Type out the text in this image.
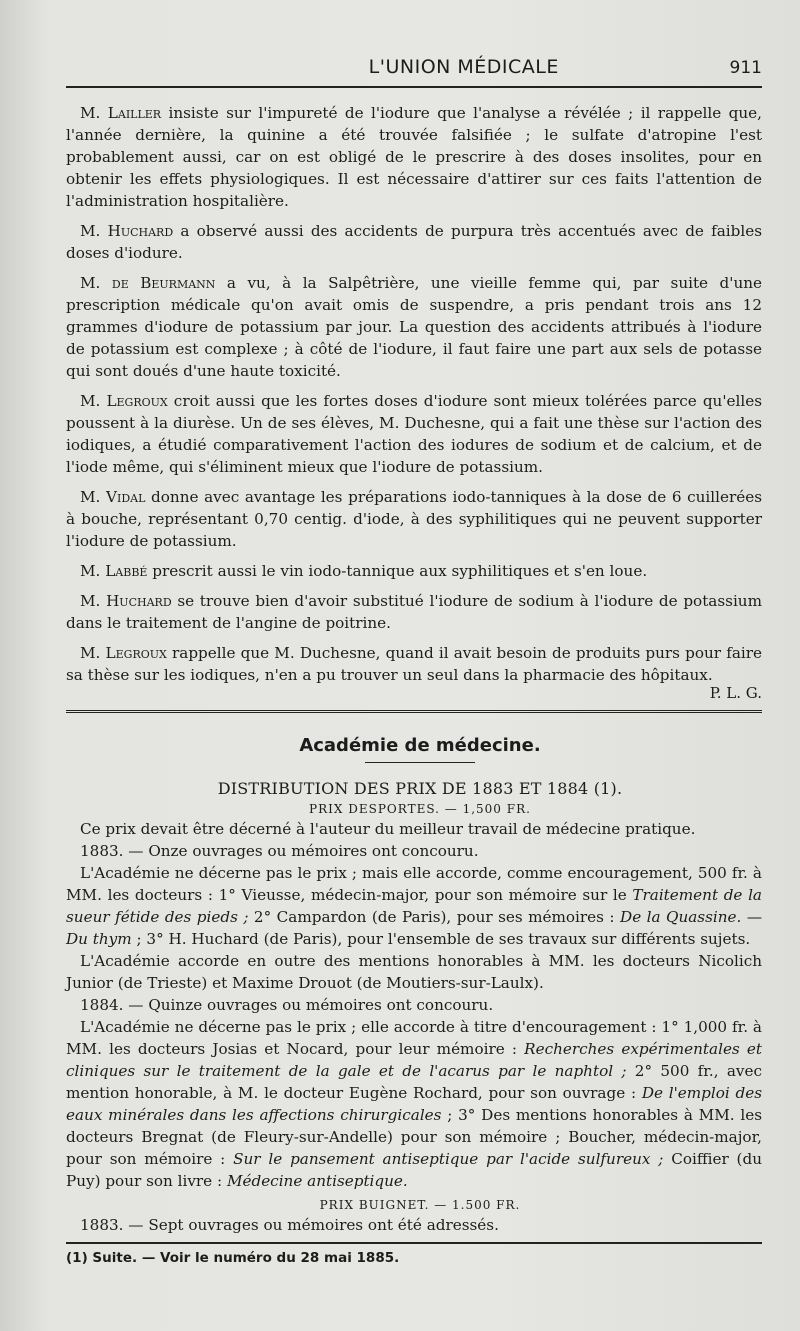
L'UNION MÉDICALE	911

M. Lailler insiste sur l'impureté de l'iodure que l'analyse a révélée ; il rappelle que, l'année dernière, la quinine a été trouvée falsifiée ; le sulfate d'atropine l'est probablement aussi, car on est obligé de le prescrire à des doses insolites, pour en obtenir les effets physiologiques. Il est nécessaire d'attirer sur ces faits l'attention de l'administration hospitalière.

M. Huchard a observé aussi des accidents de purpura très accentués avec de faibles doses d'iodure.

M. de Beurmann a vu, à la Salpêtrière, une vieille femme qui, par suite d'une prescription médicale qu'on avait omis de suspendre, a pris pendant trois ans 12 grammes d'iodure de potassium par jour. La question des accidents attribués à l'iodure de potassium est complexe ; à côté de l'iodure, il faut faire une part aux sels de potasse qui sont doués d'une haute toxicité.

M. Legroux croit aussi que les fortes doses d'iodure sont mieux tolérées parce qu'elles poussent à la diurèse. Un de ses élèves, M. Duchesne, qui a fait une thèse sur l'action des iodiques, a étudié comparativement l'action des iodures de sodium et de calcium, et de l'iode même, qui s'éliminent mieux que l'iodure de potassium.

M. Vidal donne avec avantage les préparations iodo-tanniques à la dose de 6 cuillerées à bouche, représentant 0,70 centig. d'iode, à des syphilitiques qui ne peuvent supporter l'iodure de potassium.

M. Labbé prescrit aussi le vin iodo-tannique aux syphilitiques et s'en loue.

M. Huchard se trouve bien d'avoir substitué l'iodure de sodium à l'iodure de potassium dans le traitement de l'angine de poitrine.

M. Legroux rappelle que M. Duchesne, quand il avait besoin de produits purs pour faire sa thèse sur les iodiques, n'en a pu trouver un seul dans la pharmacie des hôpitaux.

P. L. G.
Académie de médecine.
DISTRIBUTION DES PRIX DE 1883 ET 1884 (1).
PRIX DESPORTES. — 1,500 FR.

Ce prix devait être décerné à l'auteur du meilleur travail de médecine pratique.

1883. — Onze ouvrages ou mémoires ont concouru.

L'Académie ne décerne pas le prix ; mais elle accorde, comme encouragement, 500 fr. à MM. les docteurs : 1° Vieusse, médecin-major, pour son mémoire sur le Traitement de la sueur fétide des pieds ; 2° Campardon (de Paris), pour ses mémoires : De la Quassine. — Du thym ; 3° H. Huchard (de Paris), pour l'ensemble de ses travaux sur différents sujets.

L'Académie accorde en outre des mentions honorables à MM. les docteurs Nicolich Junior (de Trieste) et Maxime Drouot (de Moutiers-sur-Laulx).

1884. — Quinze ouvrages ou mémoires ont concouru.

L'Académie ne décerne pas le prix ; elle accorde à titre d'encouragement : 1° 1,000 fr. à MM. les docteurs Josias et Nocard, pour leur mémoire : Recherches expérimentales et cliniques sur le traitement de la gale et de l'acarus par le naphtol ; 2° 500 fr., avec mention honorable, à M. le docteur Eugène Rochard, pour son ouvrage : De l'emploi des eaux minérales dans les affections chirurgicales ; 3° Des mentions honorables à MM. les docteurs Bregnat (de Fleury-sur-Andelle) pour son mémoire ; Boucher, médecin-major, pour son mémoire : Sur le pansement antiseptique par l'acide sulfureux ; Coiffier (du Puy) pour son livre : Médecine antiseptique.

PRIX BUIGNET. — 1.500 FR.

1883. — Sept ouvrages ou mémoires ont été adressés.

(1) Suite. — Voir le numéro du 28 mai 1885.
